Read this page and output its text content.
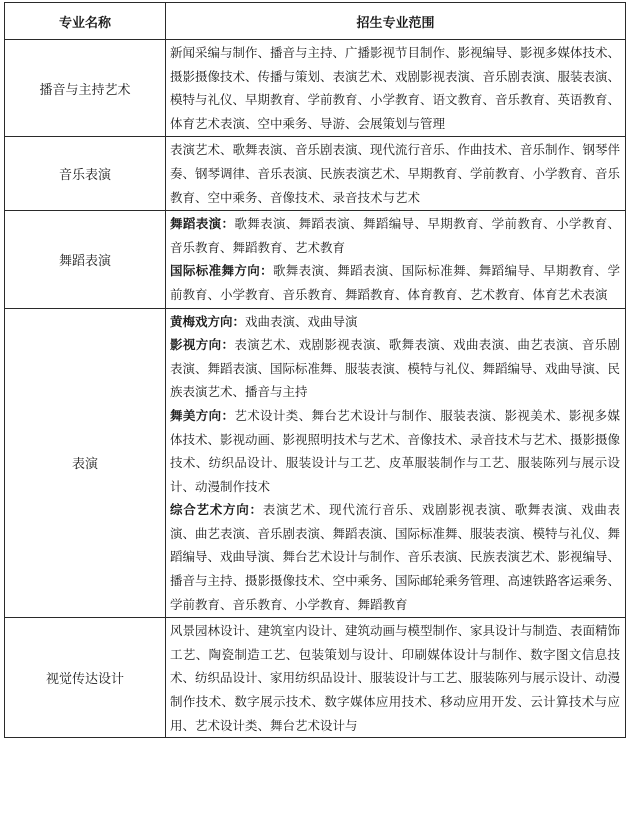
专业名称	招生专业范围
播音与主持艺术	新闻采编与制作、播音与主持、广播影视节目制作、影视编导、影视多媒体技术、摄影摄像技术、传播与策划、表演艺术、戏剧影视表演、音乐剧表演、服装表演、模特与礼仪、早期教育、学前教育、小学教育、语文教育、音乐教育、英语教育、体育艺术表演、空中乘务、导游、会展策划与管理
音乐表演	表演艺术、歌舞表演、音乐剧表演、现代流行音乐、作曲技术、音乐制作、钢琴伴奏、钢琴调律、音乐表演、民族表演艺术、早期教育、学前教育、小学教育、音乐教育、空中乘务、音像技术、录音技术与艺术
舞蹈表演	舞蹈表演：歌舞表演、舞蹈表演、舞蹈编导、早期教育、学前教育、小学教育、音乐教育、舞蹈教育、艺术教育

国际标准舞方向：歌舞表演、舞蹈表演、国际标准舞、舞蹈编导、早期教育、学前教育、小学教育、音乐教育、舞蹈教育、体育教育、艺术教育、体育艺术表演

表演	黄梅戏方向：戏曲表演、戏曲导演

影视方向：表演艺术、戏剧影视表演、歌舞表演、戏曲表演、曲艺表演、音乐剧表演、舞蹈表演、国际标准舞、服装表演、模特与礼仪、舞蹈编导、戏曲导演、民族表演艺术、播音与主持

舞美方向：艺术设计类、舞台艺术设计与制作、服装表演、影视美术、影视多媒体技术、影视动画、影视照明技术与艺术、音像技术、录音技术与艺术、摄影摄像技术、纺织品设计、服装设计与工艺、皮革服装制作与工艺、服装陈列与展示设计、动漫制作技术

综合艺术方向：表演艺术、现代流行音乐、戏剧影视表演、歌舞表演、戏曲表演、曲艺表演、音乐剧表演、舞蹈表演、国际标准舞、服装表演、模特与礼仪、舞蹈编导、戏曲导演、舞台艺术设计与制作、音乐表演、民族表演艺术、影视编导、播音与主持、摄影摄像技术、空中乘务、国际邮轮乘务管理、高速铁路客运乘务、学前教育、音乐教育、小学教育、舞蹈教育

视觉传达设计	风景园林设计、建筑室内设计、建筑动画与模型制作、家具设计与制造、表面精饰工艺、陶瓷制造工艺、包装策划与设计、印刷媒体设计与制作、数字图文信息技术、纺织品设计、家用纺织品设计、服装设计与工艺、服装陈列与展示设计、动漫制作技术、数字展示技术、数字媒体应用技术、移动应用开发、云计算技术与应用、艺术设计类、舞台艺术设计与
